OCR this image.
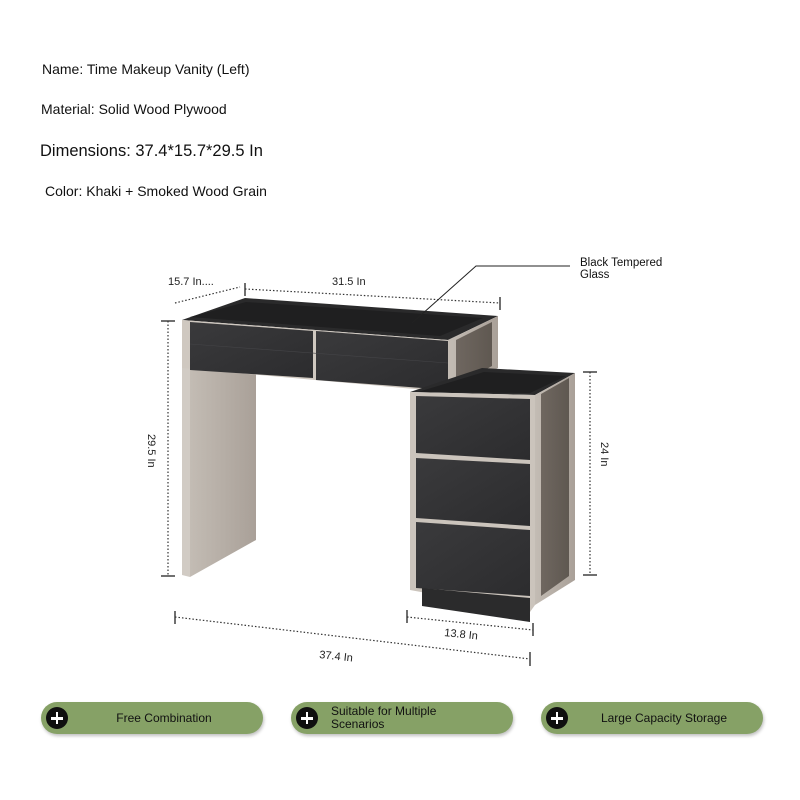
Name: Time Makeup Vanity (Left)
Material: Solid Wood Plywood
Dimensions: 37.4*15.7*29.5 In
Color: Khaki + Smoked Wood Grain
15.7 In....	31.5 In
29.5 In	24 In
13.8 In
37.4 In
Black Tempered
Glass
Free Combination	Suitable for Multiple
Scenarios	Large Capacity Storage
